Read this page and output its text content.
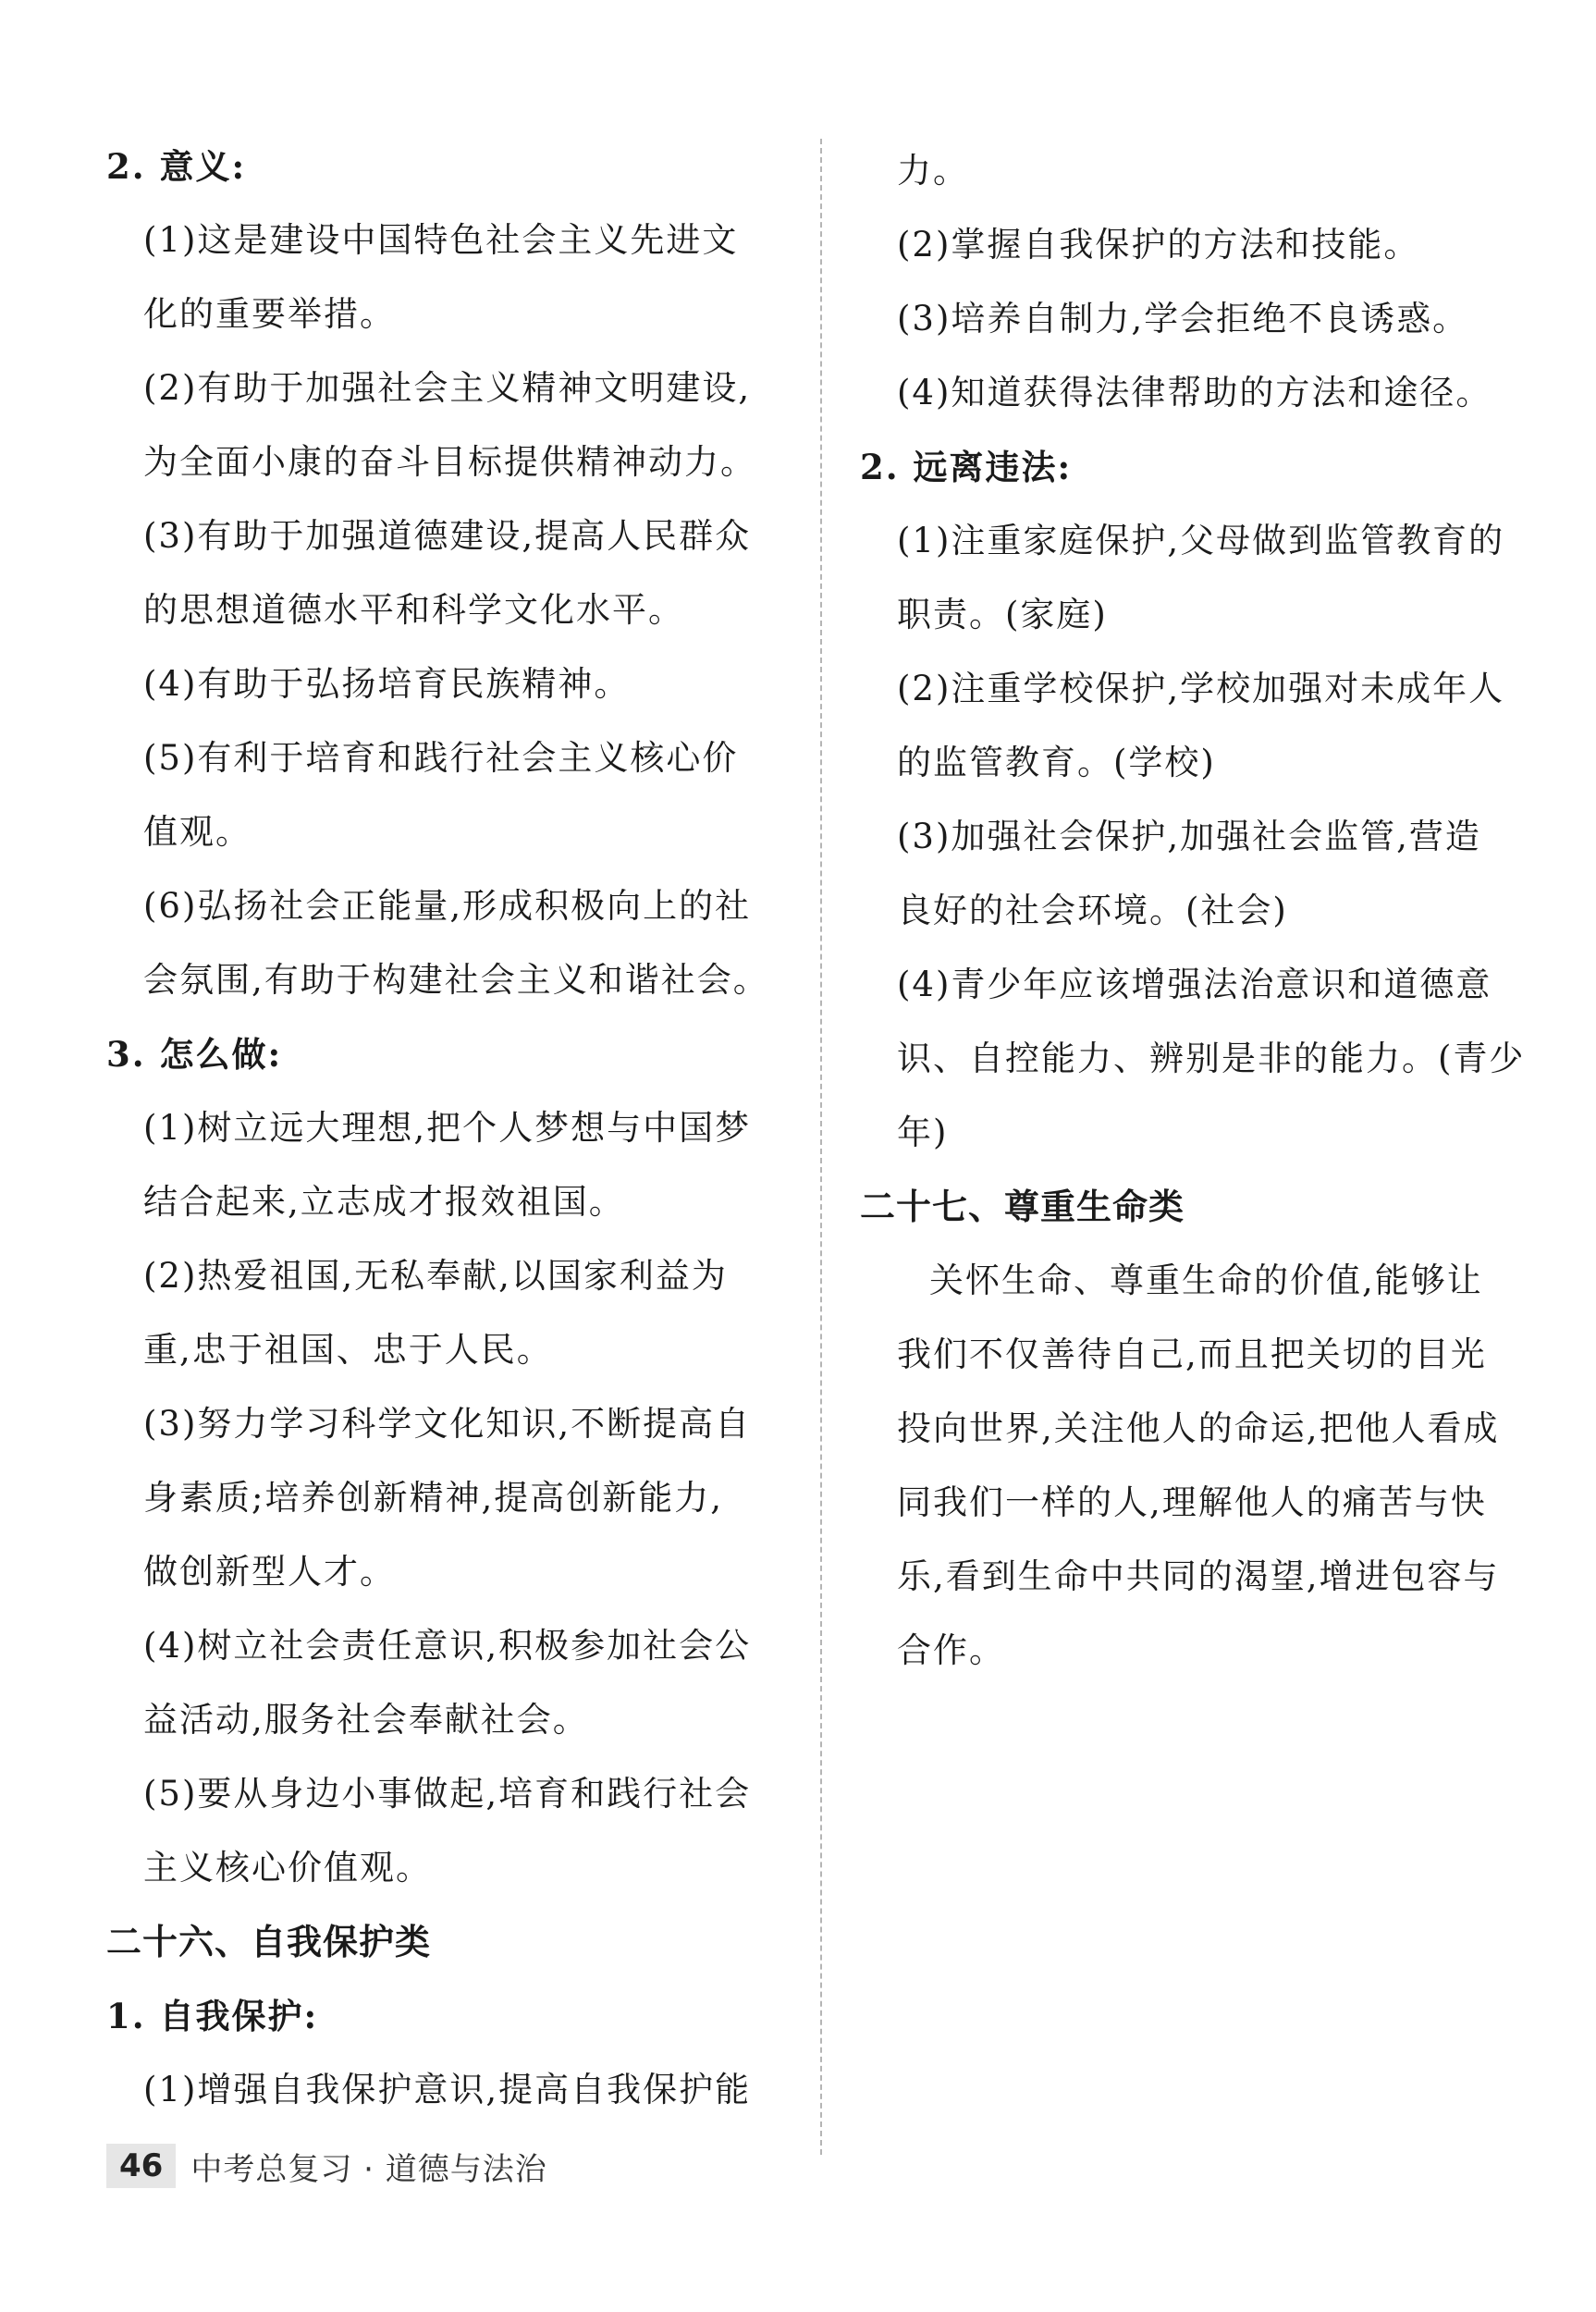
2. 意义:
(1)这是建设中国特色社会主义先进文
化的重要举措。
(2)有助于加强社会主义精神文明建设,
为全面小康的奋斗目标提供精神动力。
(3)有助于加强道德建设,提高人民群众
的思想道德水平和科学文化水平。
(4)有助于弘扬培育民族精神。
(5)有利于培育和践行社会主义核心价
值观。
(6)弘扬社会正能量,形成积极向上的社
会氛围,有助于构建社会主义和谐社会。
3. 怎么做:
(1)树立远大理想,把个人梦想与中国梦
结合起来,立志成才报效祖国。
(2)热爱祖国,无私奉献,以国家利益为
重,忠于祖国、忠于人民。
(3)努力学习科学文化知识,不断提高自
身素质;培养创新精神,提高创新能力,
做创新型人才。
(4)树立社会责任意识,积极参加社会公
益活动,服务社会奉献社会。
(5)要从身边小事做起,培育和践行社会
主义核心价值观。
二十六、自我保护类
1. 自我保护:
(1)增强自我保护意识,提高自我保护能
力。
(2)掌握自我保护的方法和技能。
(3)培养自制力,学会拒绝不良诱惑。
(4)知道获得法律帮助的方法和途径。
2. 远离违法:
(1)注重家庭保护,父母做到监管教育的
职责。(家庭)
(2)注重学校保护,学校加强对未成年人
的监管教育。(学校)
(3)加强社会保护,加强社会监管,营造
良好的社会环境。(社会)
(4)青少年应该增强法治意识和道德意
识、自控能力、辨别是非的能力。(青少
年)
二十七、尊重生命类
关怀生命、尊重生命的价值,能够让
我们不仅善待自己,而且把关切的目光
投向世界,关注他人的命运,把他人看成
同我们一样的人,理解他人的痛苦与快
乐,看到生命中共同的渴望,增进包容与
合作。
46 中考总复习 · 道德与法治
